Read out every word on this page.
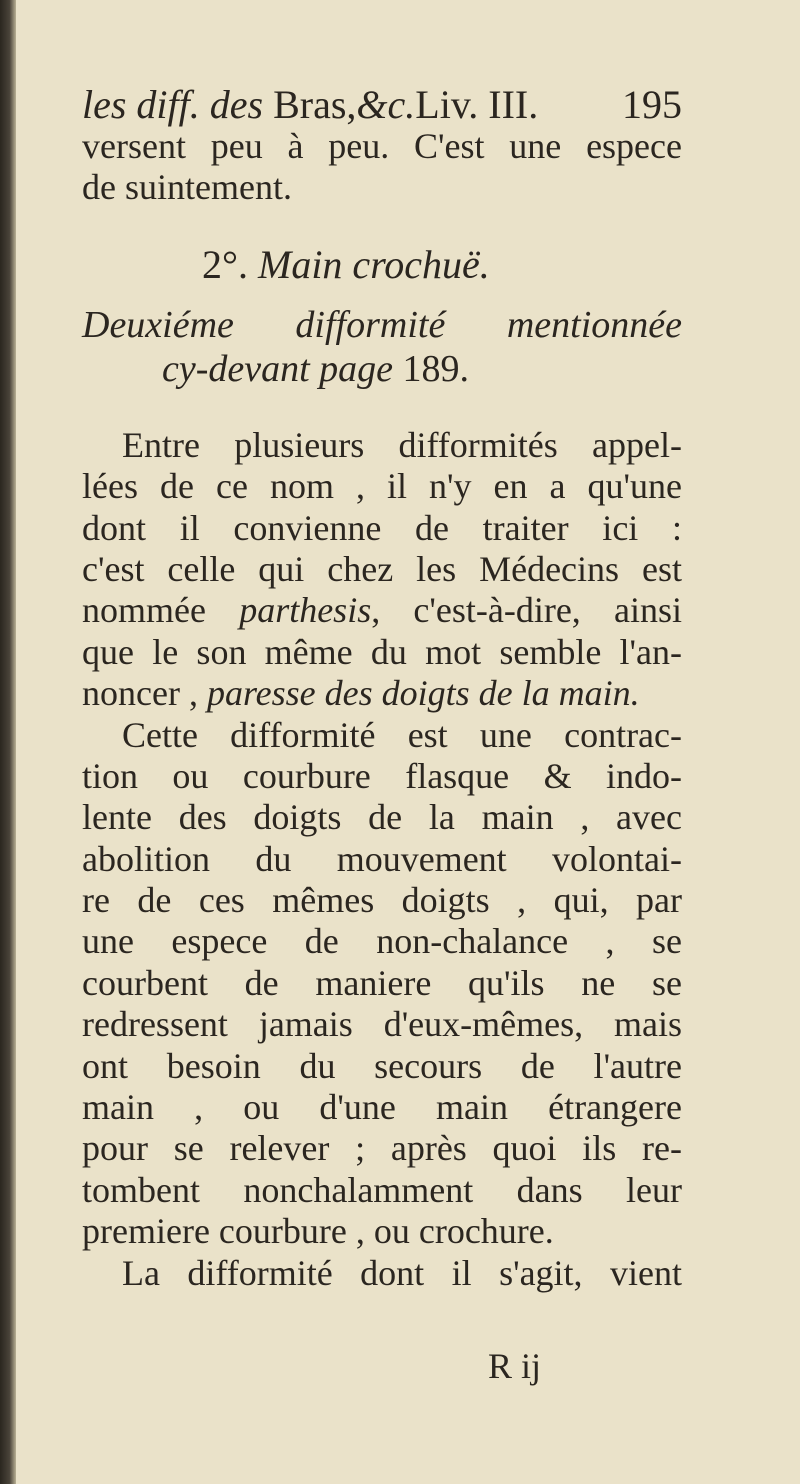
les diff. des Bras,&c.Liv. III. 195
versent peu à peu. C'est une espece
de suintement.
2°. Main crochuë.
Deuxiéme difformité mentionnée
cy-devant page 189.
Entre plusieurs difformités appel-
lées de ce nom , il n'y en a qu'une
dont il convienne de traiter ici :
c'est celle qui chez les Médecins est
nommée parthesis, c'est-à-dire, ainsi
que le son même du mot semble l'an-
noncer , paresse des doigts de la main.
Cette difformité est une contrac-
tion ou courbure flasque & indo-
lente des doigts de la main , avec
abolition du mouvement volontai-
re de ces mêmes doigts , qui, par
une espece de non-chalance , se
courbent de maniere qu'ils ne se
redressent jamais d'eux-mêmes, mais
ont besoin du secours de l'autre
main , ou d'une main étrangere
pour se relever ; après quoi ils re-
tombent nonchalamment dans leur
premiere courbure , ou crochure.
La difformité dont il s'agit, vient
R ij
